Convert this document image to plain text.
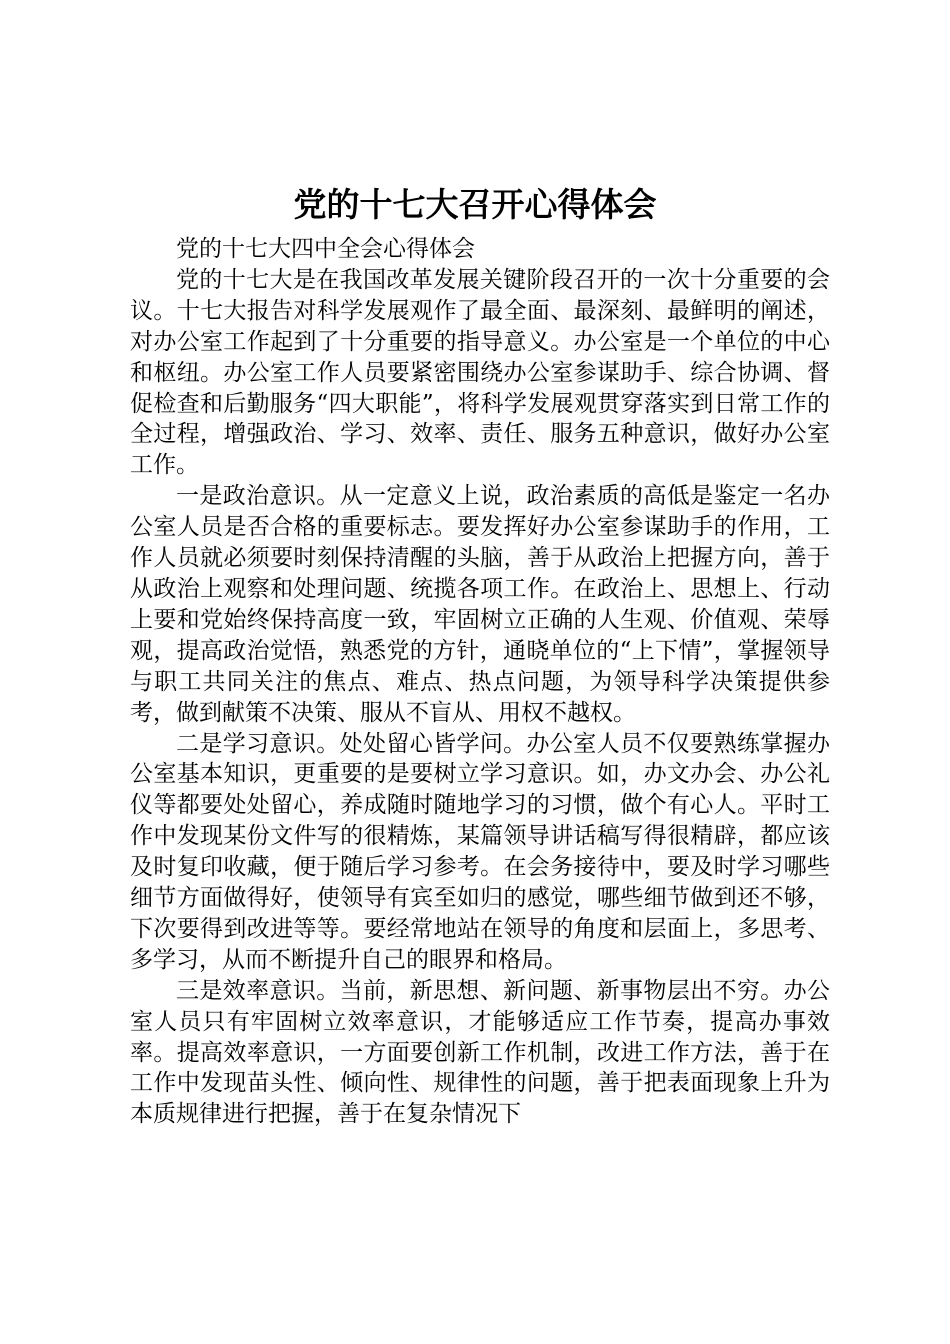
党的十七大召开心得体会

党的十七大四中全会心得体会

党的十七大是在我国改革发展关键阶段召开的一次十分重要的会议。十七大报告对科学发展观作了最全面、最深刻、最鲜明的阐述，对办公室工作起到了十分重要的指导意义。办公室是一个单位的中心和枢纽。办公室工作人员要紧密围绕办公室参谋助手、综合协调、督促检查和后勤服务“四大职能”，将科学发展观贯穿落实到日常工作的全过程，增强政治、学习、效率、责任、服务五种意识，做好办公室工作。

一是政治意识。从一定意义上说，政治素质的高低是鉴定一名办公室人员是否合格的重要标志。要发挥好办公室参谋助手的作用，工作人员就必须要时刻保持清醒的头脑，善于从政治上把握方向，善于从政治上观察和处理问题、统揽各项工作。在政治上、思想上、行动上要和党始终保持高度一致，牢固树立正确的人生观、价值观、荣辱观，提高政治觉悟，熟悉党的方针，通晓单位的“上下情”，掌握领导与职工共同关注的焦点、难点、热点问题，为领导科学决策提供参考，做到献策不决策、服从不盲从、用权不越权。

二是学习意识。处处留心皆学问。办公室人员不仅要熟练掌握办公室基本知识，更重要的是要树立学习意识。如，办文办会、办公礼仪等都要处处留心，养成随时随地学习的习惯，做个有心人。平时工作中发现某份文件写的很精炼，某篇领导讲话稿写得很精辟，都应该及时复印收藏，便于随后学习参考。在会务接待中，要及时学习哪些细节方面做得好，使领导有宾至如归的感觉，哪些细节做到还不够，下次要得到改进等等。要经常地站在领导的角度和层面上，多思考、多学习，从而不断提升自己的眼界和格局。

三是效率意识。当前，新思想、新问题、新事物层出不穷。办公室人员只有牢固树立效率意识，才能够适应工作节奏，提高办事效率。提高效率意识，一方面要创新工作机制，改进工作方法，善于在工作中发现苗头性、倾向性、规律性的问题，善于把表面现象上升为本质规律进行把握，善于在复杂情况下
